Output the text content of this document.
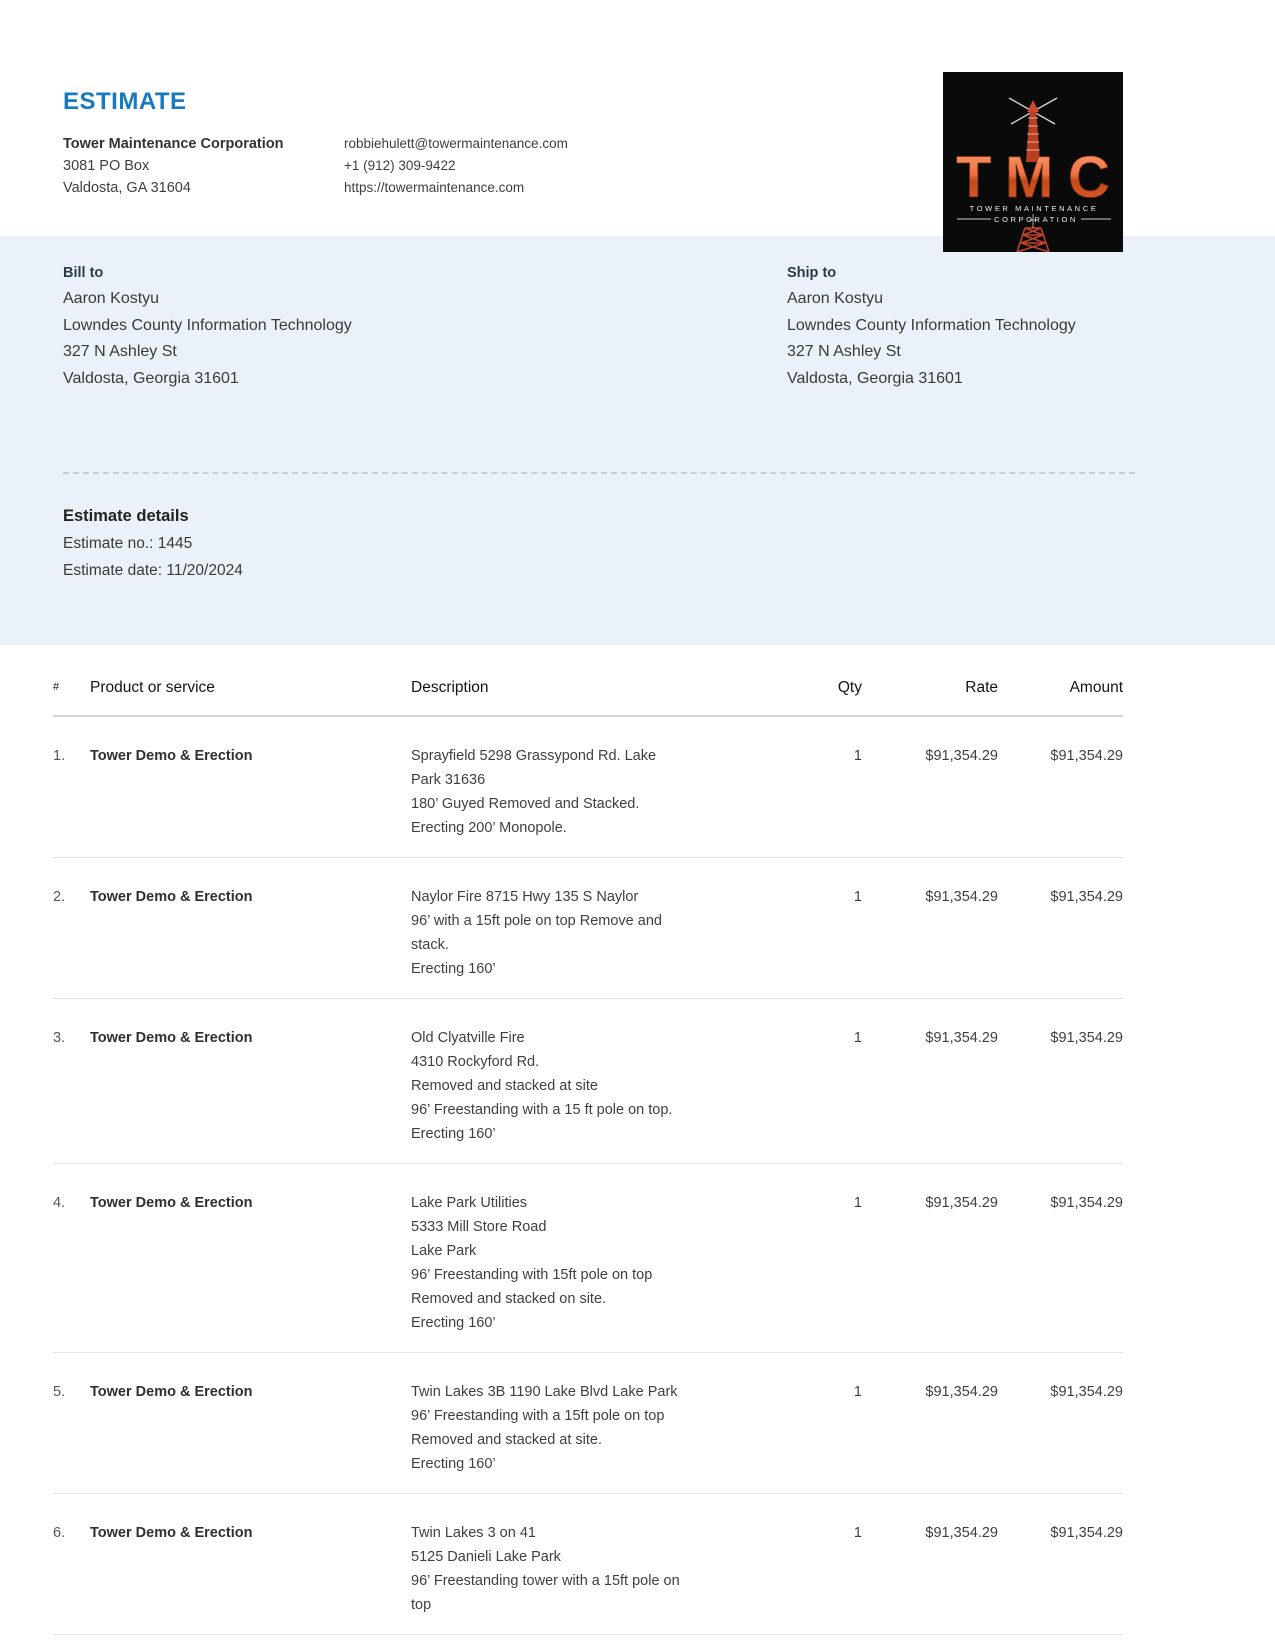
ESTIMATE
Tower Maintenance Corporation
3081 PO Box
Valdosta, GA 31604
robbiehulett@towermaintenance.com
+1 (912) 309-9422
https://towermaintenance.com	T M C
TOWER MAINTENANCE
CORPORATION
Bill to
Aaron Kostyu
Lowndes County Information Technology
327 N Ashley St
Valdosta, Georgia 31601
Ship to
Aaron Kostyu
Lowndes County Information Technology
327 N Ashley St
Valdosta, Georgia 31601
Estimate details
Estimate no.: 1445
Estimate date: 11/20/2024
#	Product or service	Description	Qty	Rate	Amount
1.	Tower Demo & Erection	Sprayfield 5298 Grassypond Rd. Lake
Park 31636
180’ Guyed Removed and Stacked.
Erecting 200’ Monopole.	1	$91,354.29	$91,354.29
2.	Tower Demo & Erection	Naylor Fire 8715 Hwy 135 S Naylor
96’ with a 15ft pole on top Remove and
stack.
Erecting 160’	1	$91,354.29	$91,354.29
3.	Tower Demo & Erection	Old Clyatville Fire
4310 Rockyford Rd.
Removed and stacked at site
96’ Freestanding with a 15 ft pole on top.
Erecting 160’	1	$91,354.29	$91,354.29
4.	Tower Demo & Erection	Lake Park Utilities
5333 Mill Store Road
Lake Park
96’ Freestanding with 15ft pole on top
Removed and stacked on site.
Erecting 160’
	1	$91,354.29	$91,354.29
5.	Tower Demo & Erection	Twin Lakes 3B 1190 Lake Blvd Lake Park
96’ Freestanding with a 15ft pole on top
Removed and stacked at site.
Erecting 160’	1	$91,354.29	$91,354.29
6.	Tower Demo & Erection	Twin Lakes 3 on 41
5125 Danieli Lake Park
96’ Freestanding tower with a 15ft pole on
top	1	$91,354.29	$91,354.29
